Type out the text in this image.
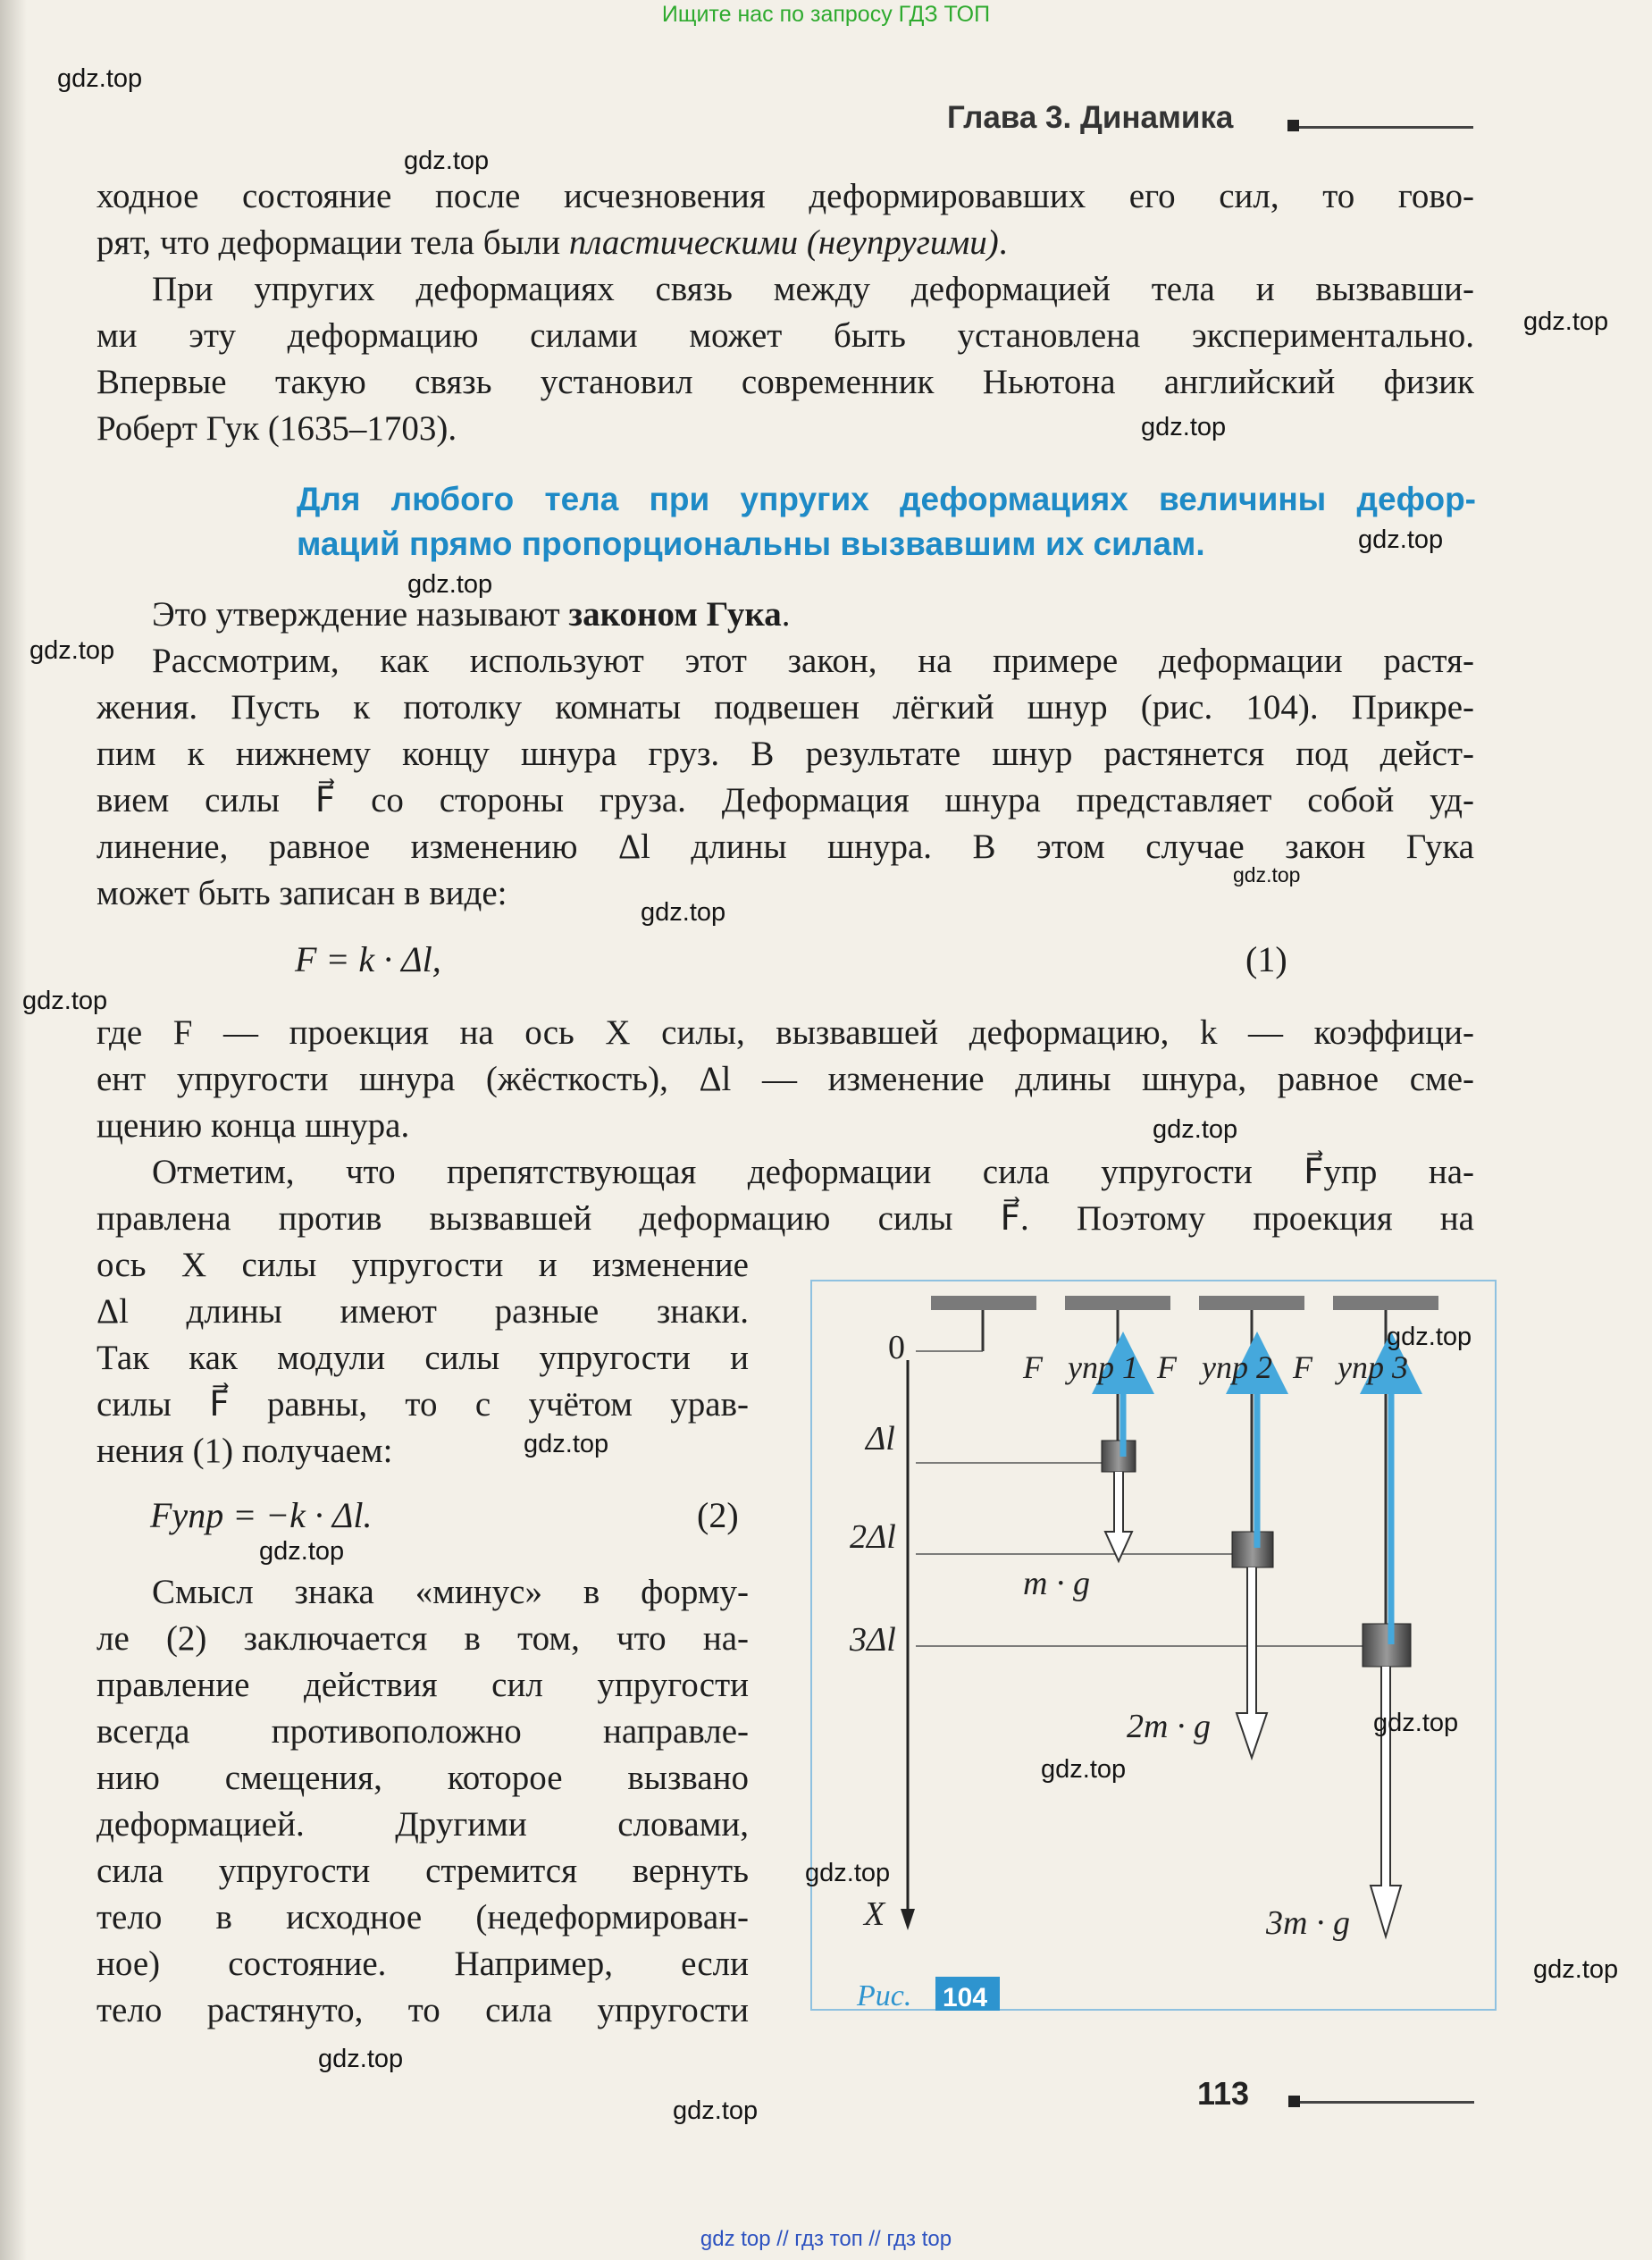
Ищите нас по запросу ГДЗ ТОП
Глава 3. Динамика
ходное состояние после исчезновения деформировавших его сил, то гово-
рят, что деформации тела были пластическими (неупругими).
При упругих деформациях связь между деформацией тела и вызвавши-
ми эту деформацию силами может быть установлена экспериментально.
Впервые такую связь установил современник Ньютона английский физик
Роберт Гук (1635–1703).
Для любого тела при упругих деформациях величины дефор-
маций прямо пропорциональны вызвавшим их силам.
Это утверждение называют законом Гука.
Рассмотрим, как используют этот закон, на примере деформации растя-
жения. Пусть к потолку комнаты подвешен лёгкий шнур (рис. 104). Прикре-
пим к нижнему концу шнура груз. В результате шнур растянется под дейст-
вием силы F⃗ со стороны груза. Деформация шнура представляет собой уд-
линение, равное изменению Δl длины шнура. В этом случае закон Гука
может быть записан в виде:
F = k · Δl,	(1)
где F — проекция на ось X силы, вызвавшей деформацию, k — коэффици-
ент упругости шнура (жёсткость), Δl — изменение длины шнура, равное сме-
щению конца шнура.
Отметим, что препятствующая деформации сила упругости F⃗упр на-
правлена против вызвавшей деформацию силы F⃗. Поэтому проекция на
ось X силы упругости и изменение
Δl длины имеют разные знаки.
Так как модули силы упругости и
силы F⃗ равны, то с учётом урав-
нения (1) получаем:
Fупр = −k · Δl.	(2)
Смысл знака «минус» в форму-
ле (2) заключается в том, что на-
правление действия сил упругости
всегда противоположно направле-
нию смещения, которое вызвано
деформацией. Другими словами,
сила упругости стремится вернуть
тело в исходное (недеформирован-
ное) состояние. Например, если
тело растянуто, то сила упругости
0
Δl
2Δl
3Δl
X
F⃗упр 1 F⃗упр 2 F⃗упр 3
m · g⃗
2m · g⃗
3m · g⃗
Рис. 104
113
gdz.top
gdz.top
gdz.top
gdz.top
gdz.top
gdz.top
gdz.top
gdz.top
gdz.top
gdz.top
gdz.top
gdz.top
gdz.top
gdz.top
gdz.top
gdz.top
gdz.top
gdz.top
gdz.top
gdz.top
gdz top // гдз топ // гдз top
